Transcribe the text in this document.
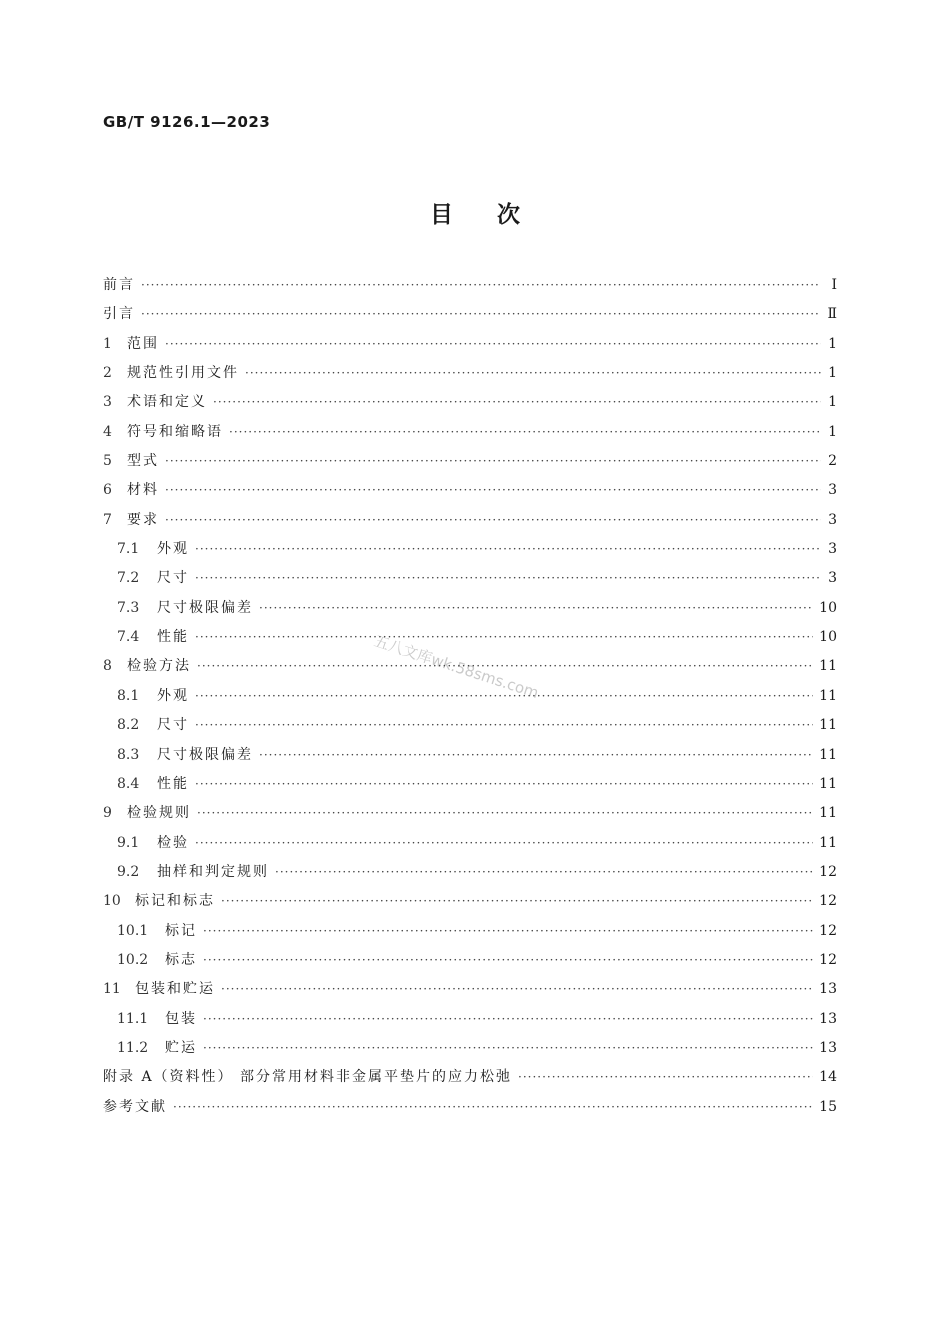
GB/T 9126.1—2023
目 次
五八文库wk.58sms.com
前言 ·····	Ⅰ
引言 ·····	Ⅱ
1	范围 ·····	1
2	规范性引用文件 ·····	1
3	术语和定义 ·····	1
4	符号和缩略语 ·····	1
5	型式 ·····	2
6	材料 ·····	3
7	要求 ·····	3
7.1	外观 ·····	3
7.2	尺寸 ·····	3
7.3	尺寸极限偏差 ·····	10
7.4	性能 ·····	10
8	检验方法 ·····	11
8.1	外观 ·····	11
8.2	尺寸 ·····	11
8.3	尺寸极限偏差 ·····	11
8.4	性能 ·····	11
9	检验规则 ·····	11
9.1	检验 ·····	11
9.2	抽样和判定规则 ·····	12
10	标记和标志 ·····	12
10.1	标记 ·····	12
10.2	标志 ·····	12
11	包装和贮运 ·····	13
11.1	包装 ·····	13
11.2	贮运 ·····	13
附录 A（资料性） 部分常用材料非金属平垫片的应力松弛 ·····	14
参考文献 ·····	15
